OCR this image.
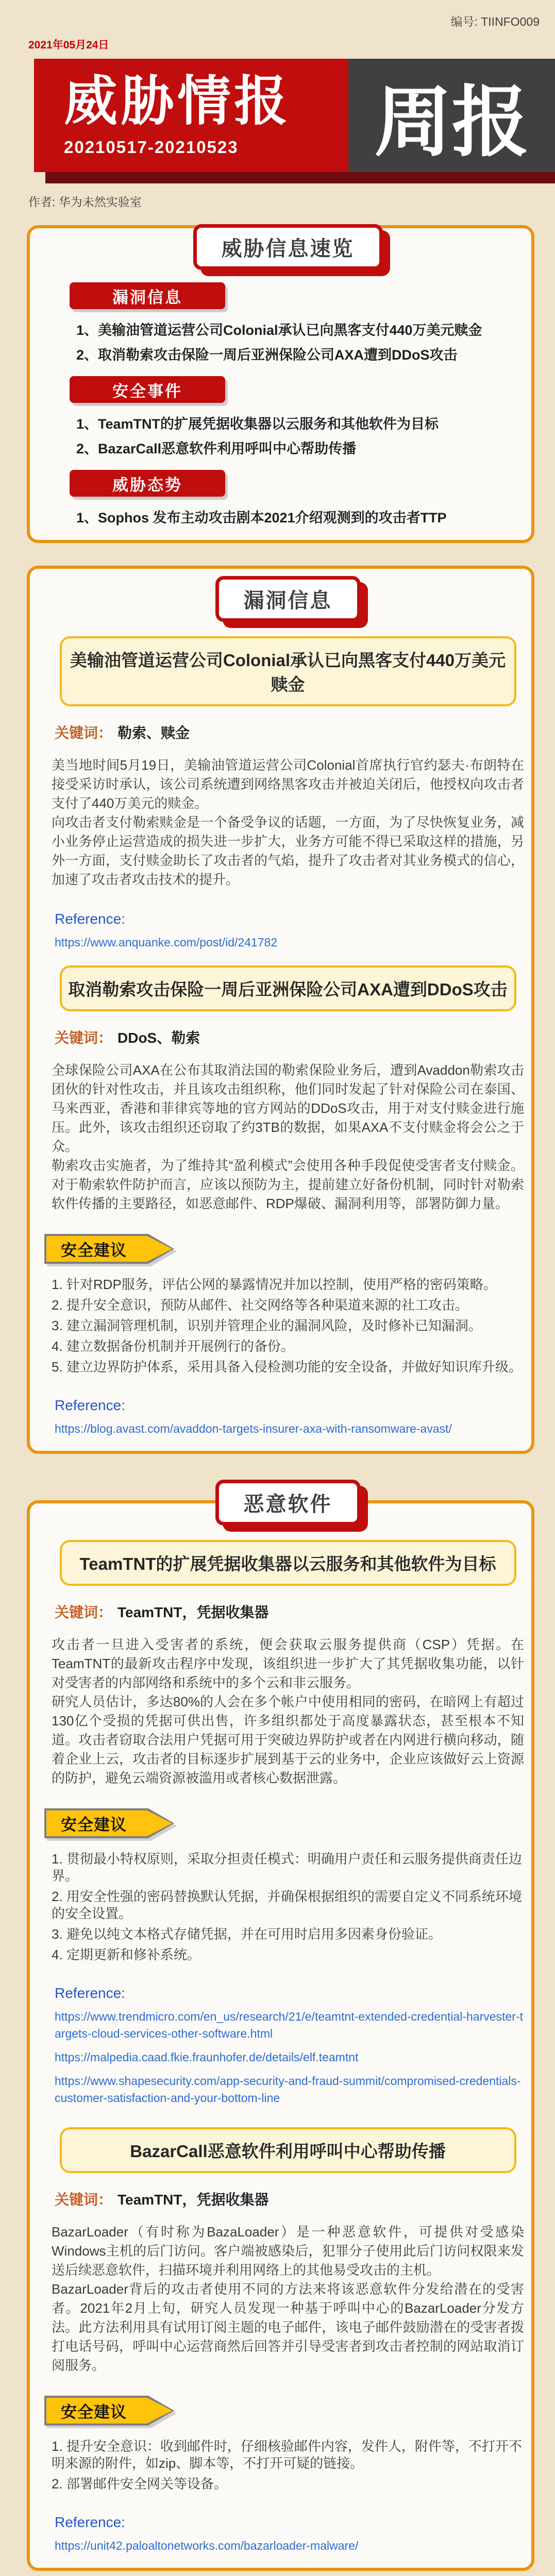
编号: TIINFO009
2021年05月24日
威胁情报
20210517-20210523	周报
作者: 华为未然实验室
威胁信息速览
漏洞信息
1、美输油管道运营公司Colonial承认已向黑客支付440万美元赎金
2、取消勒索攻击保险一周后亚洲保险公司AXA遭到DDoS攻击
安全事件
1、TeamTNT的扩展凭据收集器以云服务和其他软件为目标
2、BazarCall恶意软件利用呼叫中心帮助传播
威胁态势
1、Sophos 发布主动攻击剧本2021介绍观测到的攻击者TTP
漏洞信息
美输油管道运营公司Colonial承认已向黑客支付440万美元赎金
关键词： 勒索、赎金

美当地时间5月19日，美输油管道运营公司Colonial首席执行官约瑟夫·布朗特在接受采访时承认，该公司系统遭到网络黑客攻击并被迫关闭后，他授权向攻击者支付了440万美元的赎金。

向攻击者支付勒索赎金是一个备受争议的话题，一方面，为了尽快恢复业务，减小业务停止运营造成的损失进一步扩大，业务方可能不得已采取这样的措施，另外一方面，支付赎金助长了攻击者的气焰，提升了攻击者对其业务模式的信心，加速了攻击者攻击技术的提升。

Reference:
https://www.anquanke.com/post/id/241782
取消勒索攻击保险一周后亚洲保险公司AXA遭到DDoS攻击
关键词： DDoS、勒索

全球保险公司AXA在公布其取消法国的勒索保险业务后，遭到Avaddon勒索攻击团伙的针对性攻击，并且该攻击组织称，他们同时发起了针对保险公司在泰国、马来西亚，香港和菲律宾等地的官方网站的DDoS攻击，用于对支付赎金进行施压。此外，该攻击组织还窃取了约3TB的数据，如果AXA不支付赎金将会公之于众。

勒索攻击实施者，为了维持其“盈利模式”会使用各种手段促使受害者支付赎金。对于勒索软件防护而言，应该以预防为主，提前建立好备份机制，同时针对勒索软件传播的主要路径，如恶意邮件、RDP爆破、漏洞利用等，部署防御力量。

安全建议
1. 针对RDP服务，评估公网的暴露情况并加以控制，使用严格的密码策略。
2. 提升安全意识，预防从邮件、社交网络等各种渠道来源的社工攻击。
3. 建立漏洞管理机制，识别并管理企业的漏洞风险，及时修补已知漏洞。
4. 建立数据备份机制并开展例行的备份。
5. 建立边界防护体系，采用具备入侵检测功能的安全设备，并做好知识库升级。
Reference:
https://blog.avast.com/avaddon-targets-insurer-axa-with-ransomware-avast/
恶意软件
TeamTNT的扩展凭据收集器以云服务和其他软件为目标
关键词： TeamTNT，凭据收集器

攻击者一旦进入受害者的系统，便会获取云服务提供商（CSP）凭据。在TeamTNT的最新攻击程序中发现，该组织进一步扩大了其凭据收集功能，以针对受害者的内部网络和系统中的多个云和非云服务。

研究人员估计，多达80%的人会在多个帐户中使用相同的密码，在暗网上有超过130亿个受损的凭据可供出售，许多组织都处于高度暴露状态，甚至根本不知道。攻击者窃取合法用户凭据可用于突破边界防护或者在内网进行横向移动，随着企业上云，攻击者的目标逐步扩展到基于云的业务中，企业应该做好云上资源的防护，避免云端资源被滥用或者核心数据泄露。

安全建议
1. 贯彻最小特权原则，采取分担责任模式：明确用户责任和云服务提供商责任边界。
2. 用安全性强的密码替换默认凭据，并确保根据组织的需要自定义不同系统环境的安全设置。
3. 避免以纯文本格式存储凭据，并在可用时启用多因素身份验证。
4. 定期更新和修补系统。
Reference:
https://www.trendmicro.com/en_us/research/21/e/teamtnt-extended-credential-harvester-targets-cloud-services-other-software.html
https://malpedia.caad.fkie.fraunhofer.de/details/elf.teamtnt
https://www.shapesecurity.com/app-security-and-fraud-summit/compromised-credentials-customer-satisfaction-and-your-bottom-line
BazarCall恶意软件利用呼叫中心帮助传播
关键词： TeamTNT，凭据收集器

BazarLoader（有时称为BazaLoader）是一种恶意软件，可提供对受感染Windows主机的后门访问。客户端被感染后，犯罪分子使用此后门访问权限来发送后续恶意软件，扫描环境并利用网络上的其他易受攻击的主机。

BazarLoader背后的攻击者使用不同的方法来将该恶意软件分发给潜在的受害者。2021年2月上旬，研究人员发现一种基于呼叫中心的BazarLoader分发方法。此方法利用具有试用订阅主题的电子邮件，该电子邮件鼓励潜在的受害者拨打电话号码，呼叫中心运营商然后回答并引导受害者到攻击者控制的网站取消订阅服务。

安全建议
1. 提升安全意识：收到邮件时，仔细核验邮件内容，发件人，附件等，不打开不明来源的附件，如zip、脚本等，不打开可疑的链接。
2. 部署邮件安全网关等设备。
Reference:
https://unit42.paloaltonetworks.com/bazarloader-malware/
